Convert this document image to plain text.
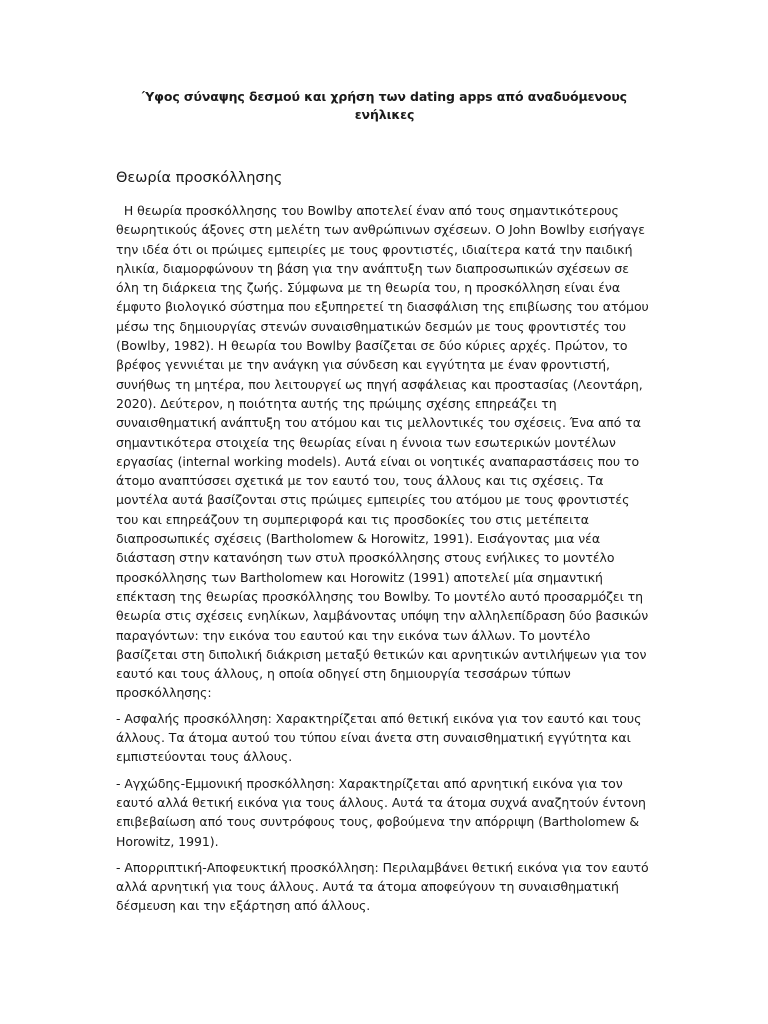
Ύφος σύναψης δεσμού και χρήση των dating apps από αναδυόμενους ενήλικες
Θεωρία προσκόλλησης

Η θεωρία προσκόλλησης του Bowlby αποτελεί έναν από τους σημαντικότερους θεωρητικούς άξονες στη μελέτη των ανθρώπινων σχέσεων. Ο John Bowlby εισήγαγε την ιδέα ότι οι πρώιμες εμπειρίες με τους φροντιστές, ιδιαίτερα κατά την παιδική ηλικία, διαμορφώνουν τη βάση για την ανάπτυξη των διαπροσωπικών σχέσεων σε όλη τη διάρκεια της ζωής. Σύμφωνα με τη θεωρία του, η προσκόλληση είναι ένα έμφυτο βιολογικό σύστημα που εξυπηρετεί τη διασφάλιση της επιβίωσης του ατόμου μέσω της δημιουργίας στενών συναισθηματικών δεσμών με τους φροντιστές του (Bowlby, 1982). Η θεωρία του Bowlby βασίζεται σε δύο κύριες αρχές. Πρώτον, το βρέφος γεννιέται με την ανάγκη για σύνδεση και εγγύτητα με έναν φροντιστή, συνήθως τη μητέρα, που λειτουργεί ως πηγή ασφάλειας και προστασίας (Λεοντάρη, 2020). Δεύτερον, η ποιότητα αυτής της πρώιμης σχέσης επηρεάζει τη συναισθηματική ανάπτυξη του ατόμου και τις μελλοντικές του σχέσεις. Ένα από τα σημαντικότερα στοιχεία της θεωρίας είναι η έννοια των εσωτερικών μοντέλων εργασίας (internal working models). Αυτά είναι οι νοητικές αναπαραστάσεις που το άτομο αναπτύσσει σχετικά με τον εαυτό του, τους άλλους και τις σχέσεις. Τα μοντέλα αυτά βασίζονται στις πρώιμες εμπειρίες του ατόμου με τους φροντιστές του και επηρεάζουν τη συμπεριφορά και τις προσδοκίες του στις μετέπειτα διαπροσωπικές σχέσεις (Bartholomew & Horowitz, 1991). Εισάγοντας μια νέα διάσταση στην κατανόηση των στυλ προσκόλλησης στους ενήλικες το μοντέλο προσκόλλησης των Bartholomew και Horowitz (1991) αποτελεί μία σημαντική επέκταση της θεωρίας προσκόλλησης του Bowlby. Το μοντέλο αυτό προσαρμόζει τη θεωρία στις σχέσεις ενηλίκων, λαμβάνοντας υπόψη την αλληλεπίδραση δύο βασικών παραγόντων: την εικόνα του εαυτού και την εικόνα των άλλων. Το μοντέλο βασίζεται στη διπολική διάκριση μεταξύ θετικών και αρνητικών αντιλήψεων για τον εαυτό και τους άλλους, η οποία οδηγεί στη δημιουργία τεσσάρων τύπων προσκόλλησης:

- Ασφαλής προσκόλληση: Χαρακτηρίζεται από θετική εικόνα για τον εαυτό και τους άλλους. Τα άτομα αυτού του τύπου είναι άνετα στη συναισθηματική εγγύτητα και εμπιστεύονται τους άλλους.

- Αγχώδης-Εμμονική προσκόλληση: Χαρακτηρίζεται από αρνητική εικόνα για τον εαυτό αλλά θετική εικόνα για τους άλλους. Αυτά τα άτομα συχνά αναζητούν έντονη επιβεβαίωση από τους συντρόφους τους, φοβούμενα την απόρριψη (Bartholomew & Horowitz, 1991).

- Απορριπτική-Αποφευκτική προσκόλληση: Περιλαμβάνει θετική εικόνα για τον εαυτό αλλά αρνητική για τους άλλους. Αυτά τα άτομα αποφεύγουν τη συναισθηματική δέσμευση και την εξάρτηση από άλλους.
